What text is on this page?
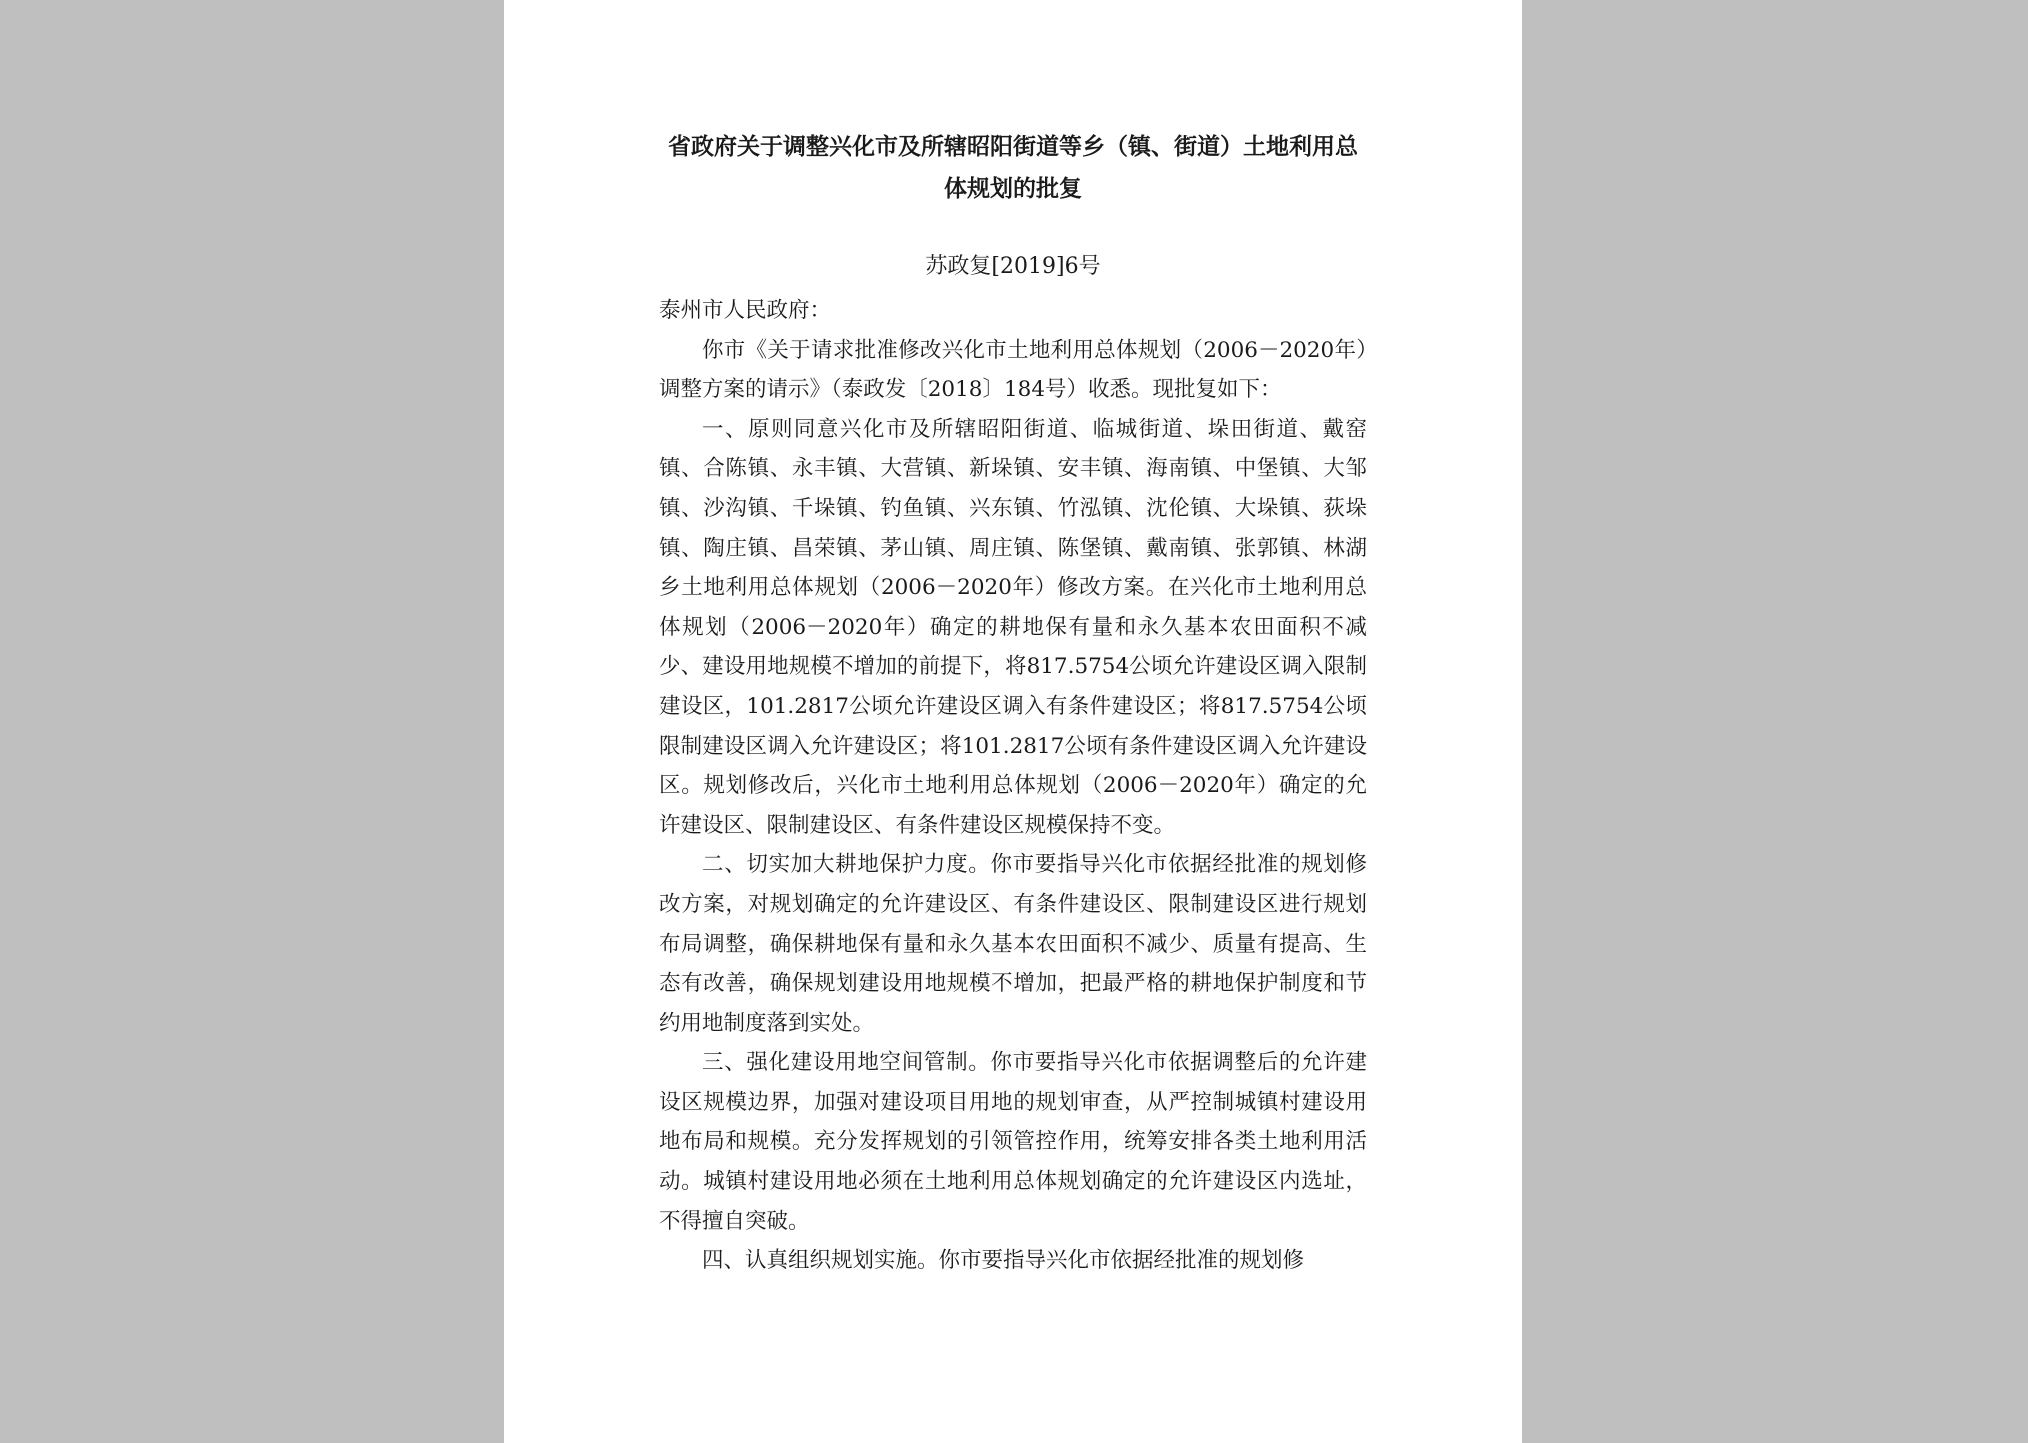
省政府关于调整兴化市及所辖昭阳街道等乡（镇、街道）土地利用总体规划的批复
苏政复[2019]6号

泰州市人民政府：

你市《关于请求批准修改兴化市土地利用总体规划（2006－2020年）调整方案的请示》（泰政发〔2018〕184号）收悉。现批复如下：

一、原则同意兴化市及所辖昭阳街道、临城街道、垛田街道、戴窑镇、合陈镇、永丰镇、大营镇、新垛镇、安丰镇、海南镇、中堡镇、大邹镇、沙沟镇、千垛镇、钓鱼镇、兴东镇、竹泓镇、沈伦镇、大垛镇、荻垛镇、陶庄镇、昌荣镇、茅山镇、周庄镇、陈堡镇、戴南镇、张郭镇、林湖乡土地利用总体规划（2006－2020年）修改方案。在兴化市土地利用总体规划（2006－2020年）确定的耕地保有量和永久基本农田面积不减少、建设用地规模不增加的前提下，将817.5754公顷允许建设区调入限制建设区，101.2817公顷允许建设区调入有条件建设区；将817.5754公顷限制建设区调入允许建设区；将101.2817公顷有条件建设区调入允许建设区。规划修改后，兴化市土地利用总体规划（2006－2020年）确定的允许建设区、限制建设区、有条件建设区规模保持不变。

二、切实加大耕地保护力度。你市要指导兴化市依据经批准的规划修改方案，对规划确定的允许建设区、有条件建设区、限制建设区进行规划布局调整，确保耕地保有量和永久基本农田面积不减少、质量有提高、生态有改善，确保规划建设用地规模不增加，把最严格的耕地保护制度和节约用地制度落到实处。

三、强化建设用地空间管制。你市要指导兴化市依据调整后的允许建设区规模边界，加强对建设项目用地的规划审查，从严控制城镇村建设用地布局和规模。充分发挥规划的引领管控作用，统筹安排各类土地利用活动。城镇村建设用地必须在土地利用总体规划确定的允许建设区内选址，不得擅自突破。

四、认真组织规划实施。你市要指导兴化市依据经批准的规划修
